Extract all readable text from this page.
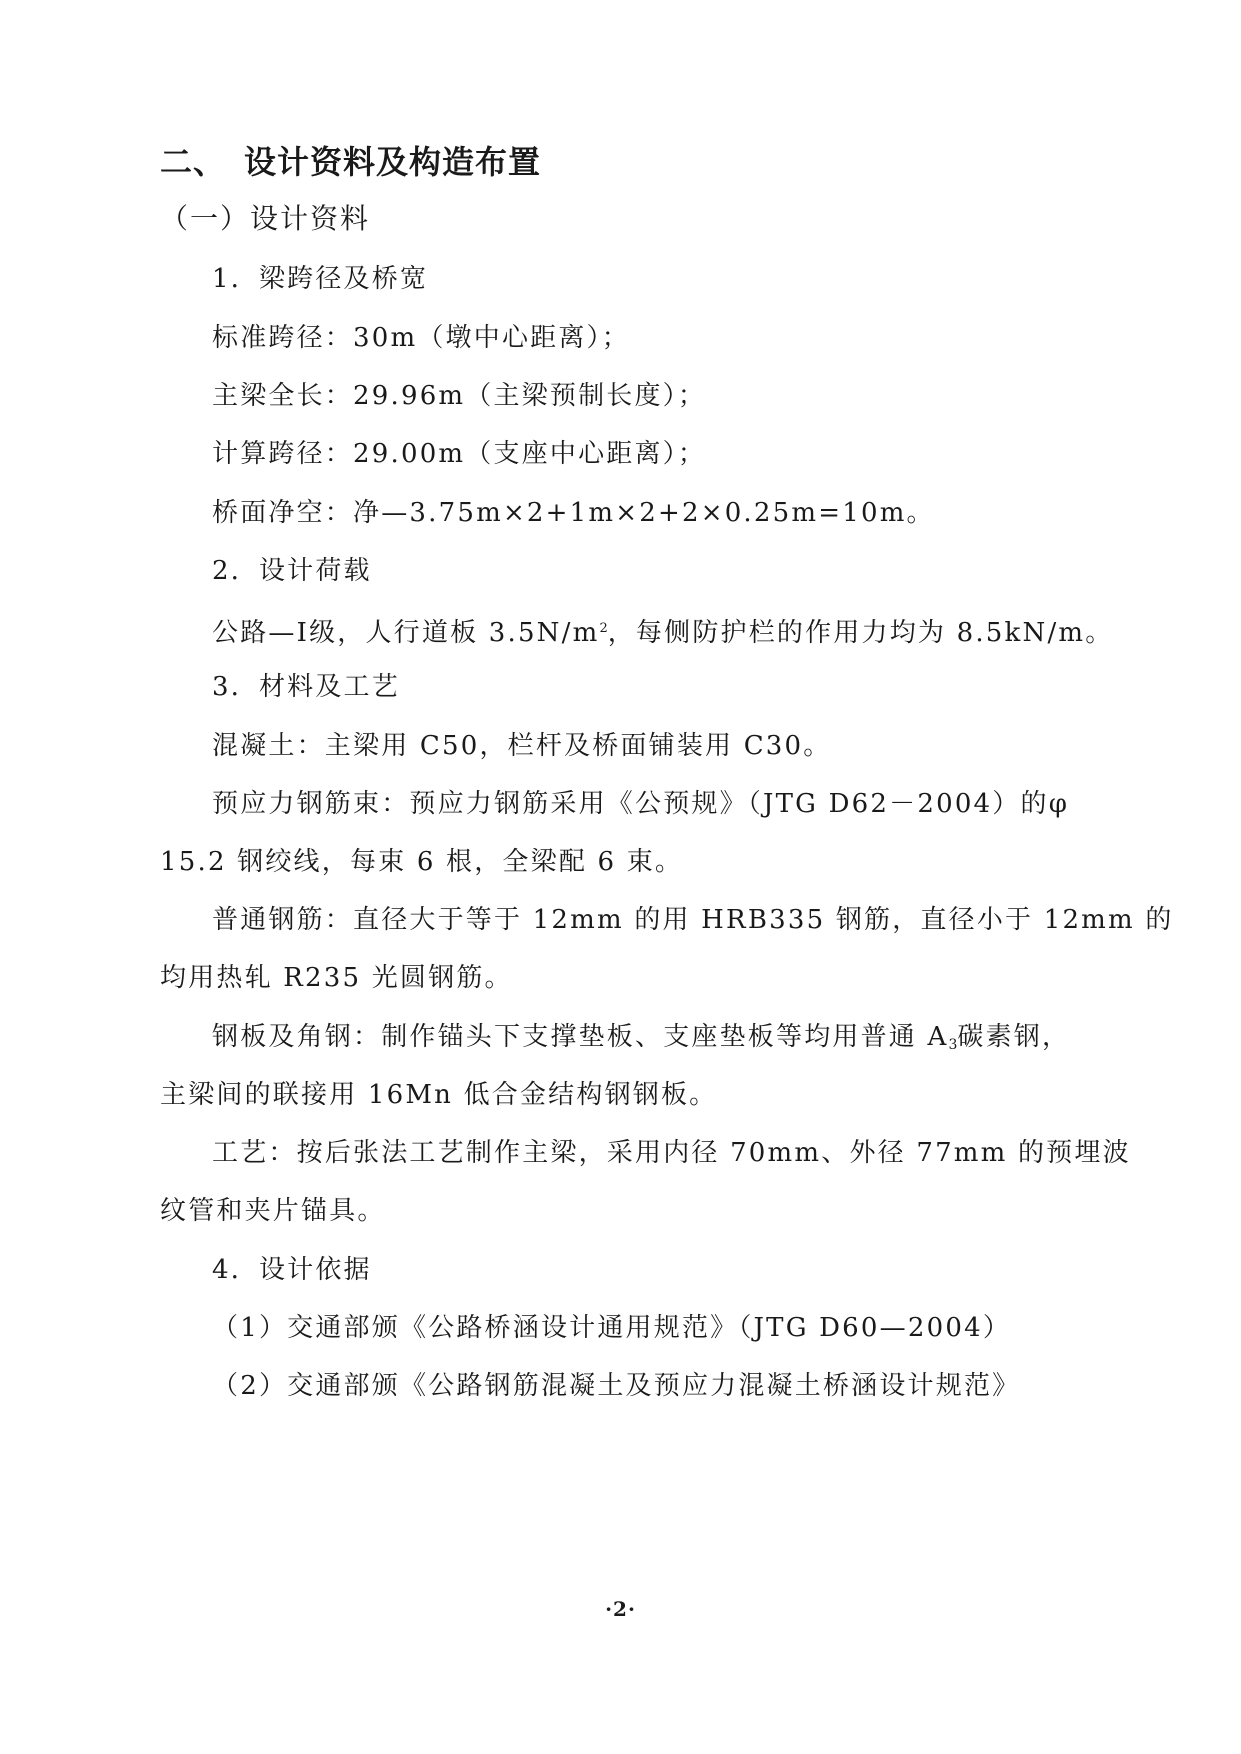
二、 设计资料及构造布置
（一）设计资料
1．梁跨径及桥宽
标准跨径：30m（墩中心距离）；
主梁全长：29.96m（主梁预制长度）；
计算跨径：29.00m（支座中心距离）；
桥面净空：净—3.75m×2+1m×2+2×0.25m=10m。
2．设计荷载
公路—Ⅰ级，人行道板 $3.5N/m^2$，每侧防护栏的作用力均为 8.5kN/m。
3．材料及工艺
混凝土：主梁用 C50，栏杆及桥面铺装用 C30。
预应力钢筋束：预应力钢筋采用《公预规》（JTG D62－2004）的φ
15.2 钢绞线，每束 6 根，全梁配 6 束。
普通钢筋：直径大于等于 12mm 的用 HRB335 钢筋，直径小于 12mm 的
均用热轧 R235 光圆钢筋。
钢板及角钢：制作锚头下支撑垫板、支座垫板等均用普通 $A_3$碳素钢，
主梁间的联接用 16Mn 低合金结构钢钢板。
工艺：按后张法工艺制作主梁，采用内径 70mm、外径 77mm 的预埋波
纹管和夹片锚具。
4．设计依据
（1）交通部颁《公路桥涵设计通用规范》（JTG D60—2004）
（2）交通部颁《公路钢筋混凝土及预应力混凝土桥涵设计规范》
·2·
